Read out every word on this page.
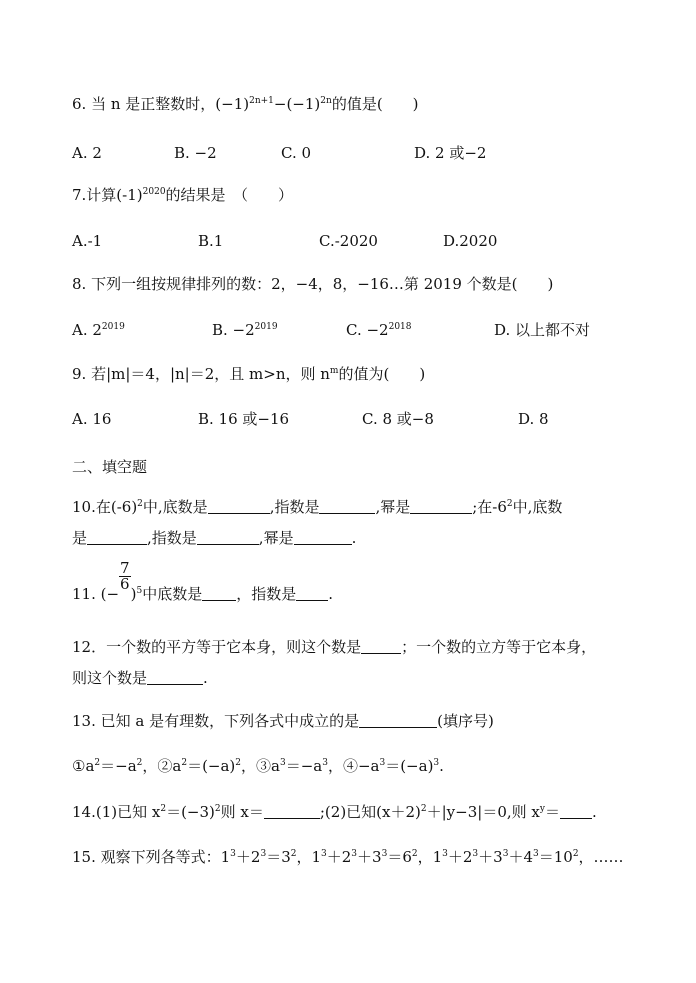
6. 当 n 是正整数时，$(-1)^{2n+1}-(-1)^{2n}$的值是(　　)
A. 2	B. −2	C. 0	D. 2 或−2
7.计算$(-1)^{2020}$的结果是　（　　）
A.-1	B.1	C.-2020	D.2020
8. 下列一组按规律排列的数：2，−4，8，−16…第 2019 个数是(　　)
A. $2^{2019}$	B. $-2^{2019}$	C. $-2^{2018}$	D. 以上都不对
9. 若|m|＝4，|n|＝2，且 m>n，则 $n^m$的值为(　　)
A. 16	B. 16 或−16	C. 8 或−8	D. 8
二、填空题
10.在$(-6)^2$中,底数是	,指数是	,幂是	;在$-6^2$中,底数
是	,指数是	,幂是	.
11. (−
$\frac{7}{6}$
)$^5$中底数是 ，指数是 .
12．一个数的平方等于它本身，则这个数是	；一个数的立方等于它本身，
则这个数是	.
13. 已知 a 是有理数，下列各式中成立的是	(填序号)
$①a^2=-a^2$，$②a^2=(-a)^2$，$③a^3=-a^3$，$④-a^3=(-a)^3$.
14.(1)已知 $x^2=(-3)^2$则 x＝	;(2)已知$(x+2)^2+|y-3|=0$,则 $x^y=$ .
15. 观察下列各等式：$1^3+2^3=3^2$，$1^3+2^3+3^3=6^2$，$1^3+2^3+3^3+4^3=10^2$，……
